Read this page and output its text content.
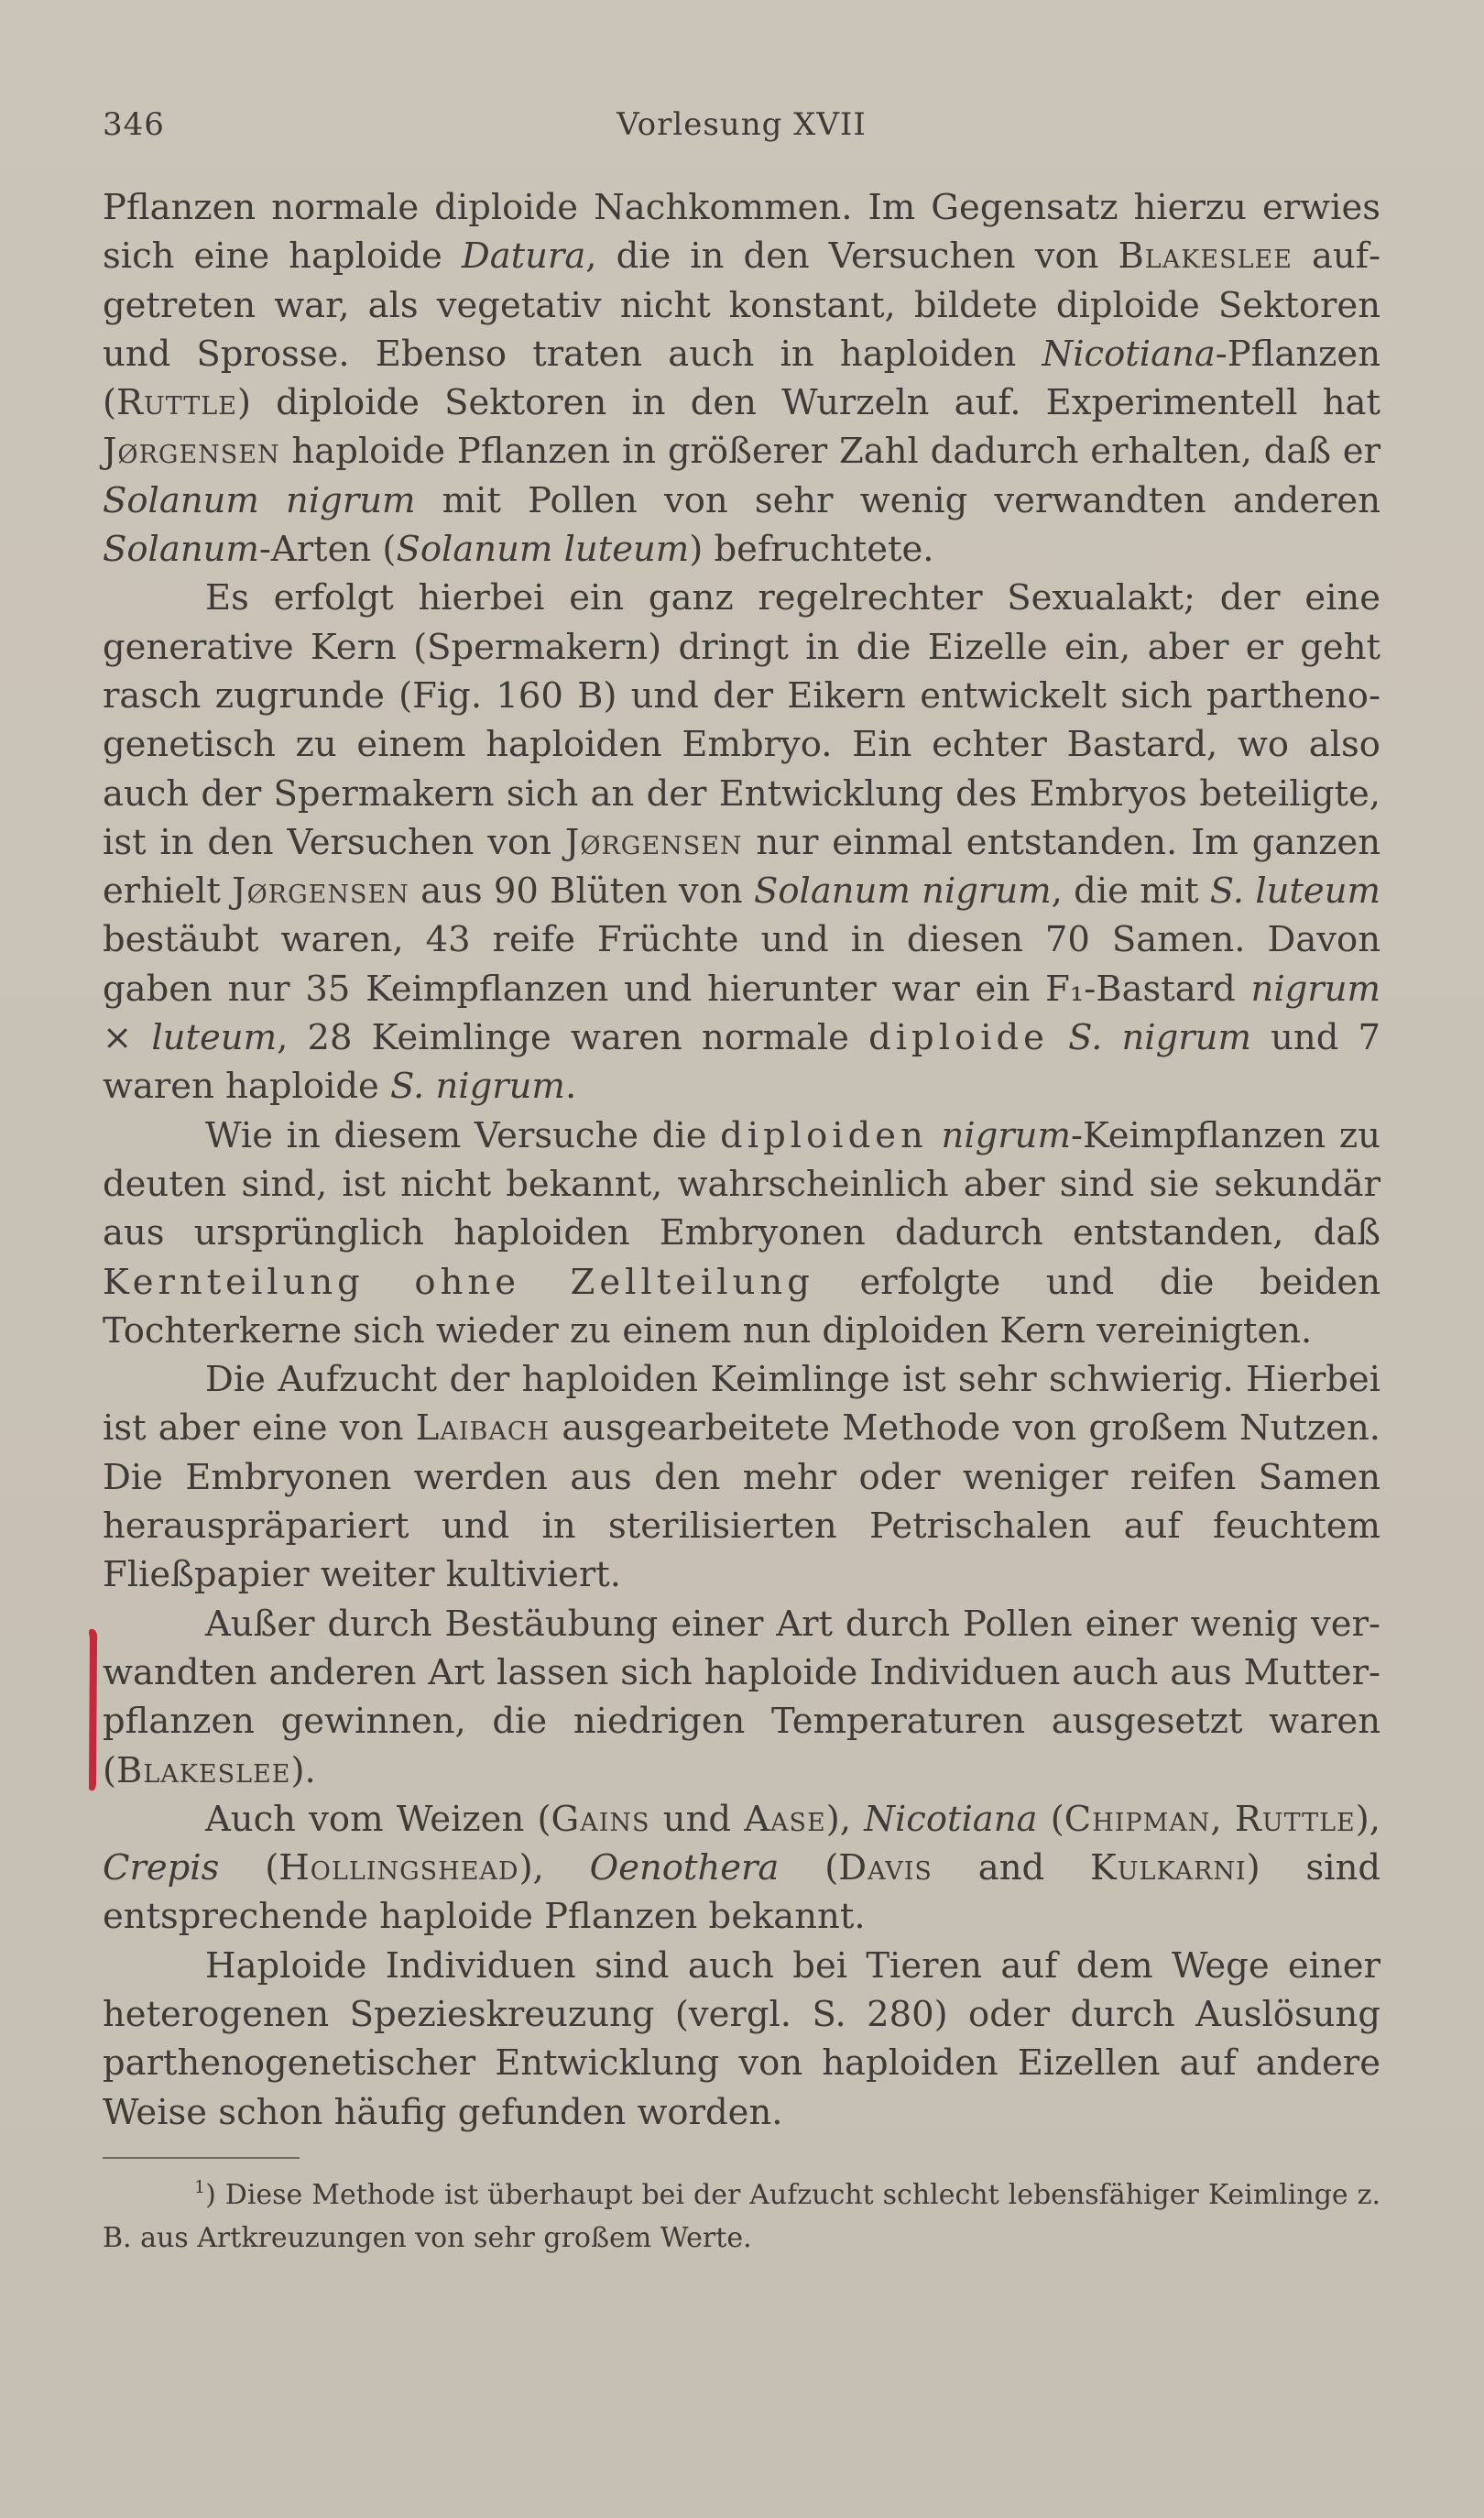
346	Vorlesung XVII

Pflanzen normale diploide Nachkommen. Im Gegensatz hierzu erwies sich eine haploide Datura, die in den Versuchen von Blakeslee aufgetreten war, als vegetativ nicht konstant, bildete diploide Sektoren und Sprosse. Ebenso traten auch in haploiden Nicotiana-Pflanzen (Ruttle) diploide Sektoren in den Wurzeln auf. Experimentell hat Jørgensen haploide Pflanzen in größerer Zahl dadurch erhalten, daß er Solanum nigrum mit Pollen von sehr wenig verwandten anderen Solanum-Arten (Solanum luteum) befruchtete.

Es erfolgt hierbei ein ganz regelrechter Sexualakt; der eine generative Kern (Spermakern) dringt in die Eizelle ein, aber er geht rasch zugrunde (Fig. 160 B) und der Eikern entwickelt sich parthenogenetisch zu einem haploiden Embryo. Ein echter Bastard, wo also auch der Spermakern sich an der Entwicklung des Embryos beteiligte, ist in den Versuchen von Jørgensen nur einmal entstanden. Im ganzen erhielt Jørgensen aus 90 Blüten von Solanum nigrum, die mit S. luteum bestäubt waren, 43 reife Früchte und in diesen 70 Samen. Davon gaben nur 35 Keimpflanzen und hierunter war ein F₁-Bastard nigrum × luteum, 28 Keimlinge waren normale diploide S. nigrum und 7 waren haploide S. nigrum.

Wie in diesem Versuche die diploiden nigrum-Keimpflanzen zu deuten sind, ist nicht bekannt, wahrscheinlich aber sind sie sekundär aus ursprünglich haploiden Embryonen dadurch entstanden, daß Kernteilung ohne Zellteilung erfolgte und die beiden Tochterkerne sich wieder zu einem nun diploiden Kern vereinigten.

Die Aufzucht der haploiden Keimlinge ist sehr schwierig. Hierbei ist aber eine von Laibach ausgearbeitete Methode von großem Nutzen. Die Embryonen werden aus den mehr oder weniger reifen Samen herauspräpariert und in sterilisierten Petrischalen auf feuchtem Fließpapier weiter kultiviert.

Außer durch Bestäubung einer Art durch Pollen einer wenig verwandten anderen Art lassen sich haploide Individuen auch aus Mutterpflanzen gewinnen, die niedrigen Temperaturen ausgesetzt waren (Blakeslee).

Auch vom Weizen (Gains und Aase), Nicotiana (Chipman, Ruttle), Crepis (Hollingshead), Oenothera (Davis and Kulkarni) sind entsprechende haploide Pflanzen bekannt.

Haploide Individuen sind auch bei Tieren auf dem Wege einer heterogenen Spezieskreuzung (vergl. S. 280) oder durch Auslösung parthenogenetischer Entwicklung von haploiden Eizellen auf andere Weise schon häufig gefunden worden.

$^1$) Diese Methode ist überhaupt bei der Aufzucht schlecht lebensfähiger Keimlinge z. B. aus Artkreuzungen von sehr großem Werte.
